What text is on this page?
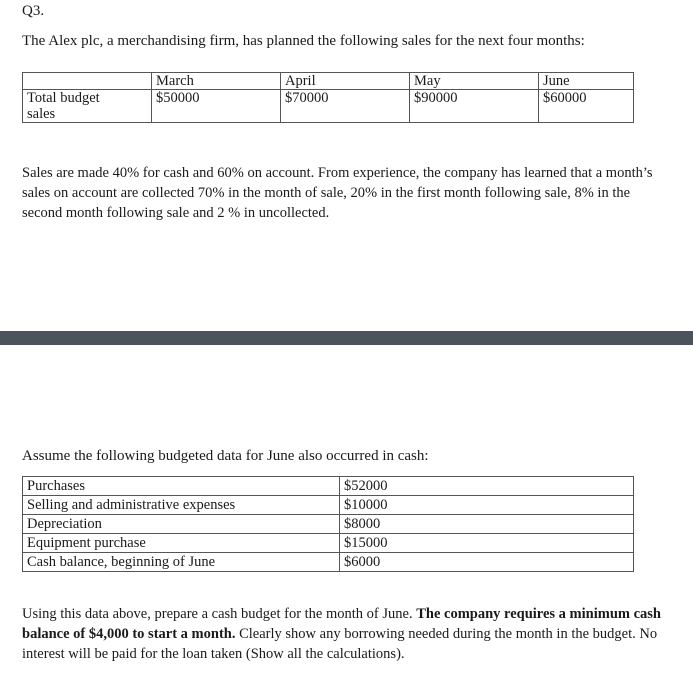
Q3.
The Alex plc, a merchandising firm, has planned the following sales for the next four months:
	March	April	May	June

Total budget
sales	$50000	$70000	$90000	$60000
Sales are made 40% for cash and 60% on account. From experience, the company has learned that a month’s sales on account are collected 70% in the month of sale, 20% in the first month following sale, 8% in the second month following sale and 2 % in uncollected.
Assume the following budgeted data for June also occurred in cash:
Purchases	$52000
Selling and administrative expenses	$10000
Depreciation	$8000
Equipment purchase	$15000
Cash balance, beginning of June	$6000
Using this data above, prepare a cash budget for the month of June. The company requires a minimum cash balance of $4,000 to start a month. Clearly show any borrowing needed during the month in the budget. No interest will be paid for the loan taken (Show all the calculations).
